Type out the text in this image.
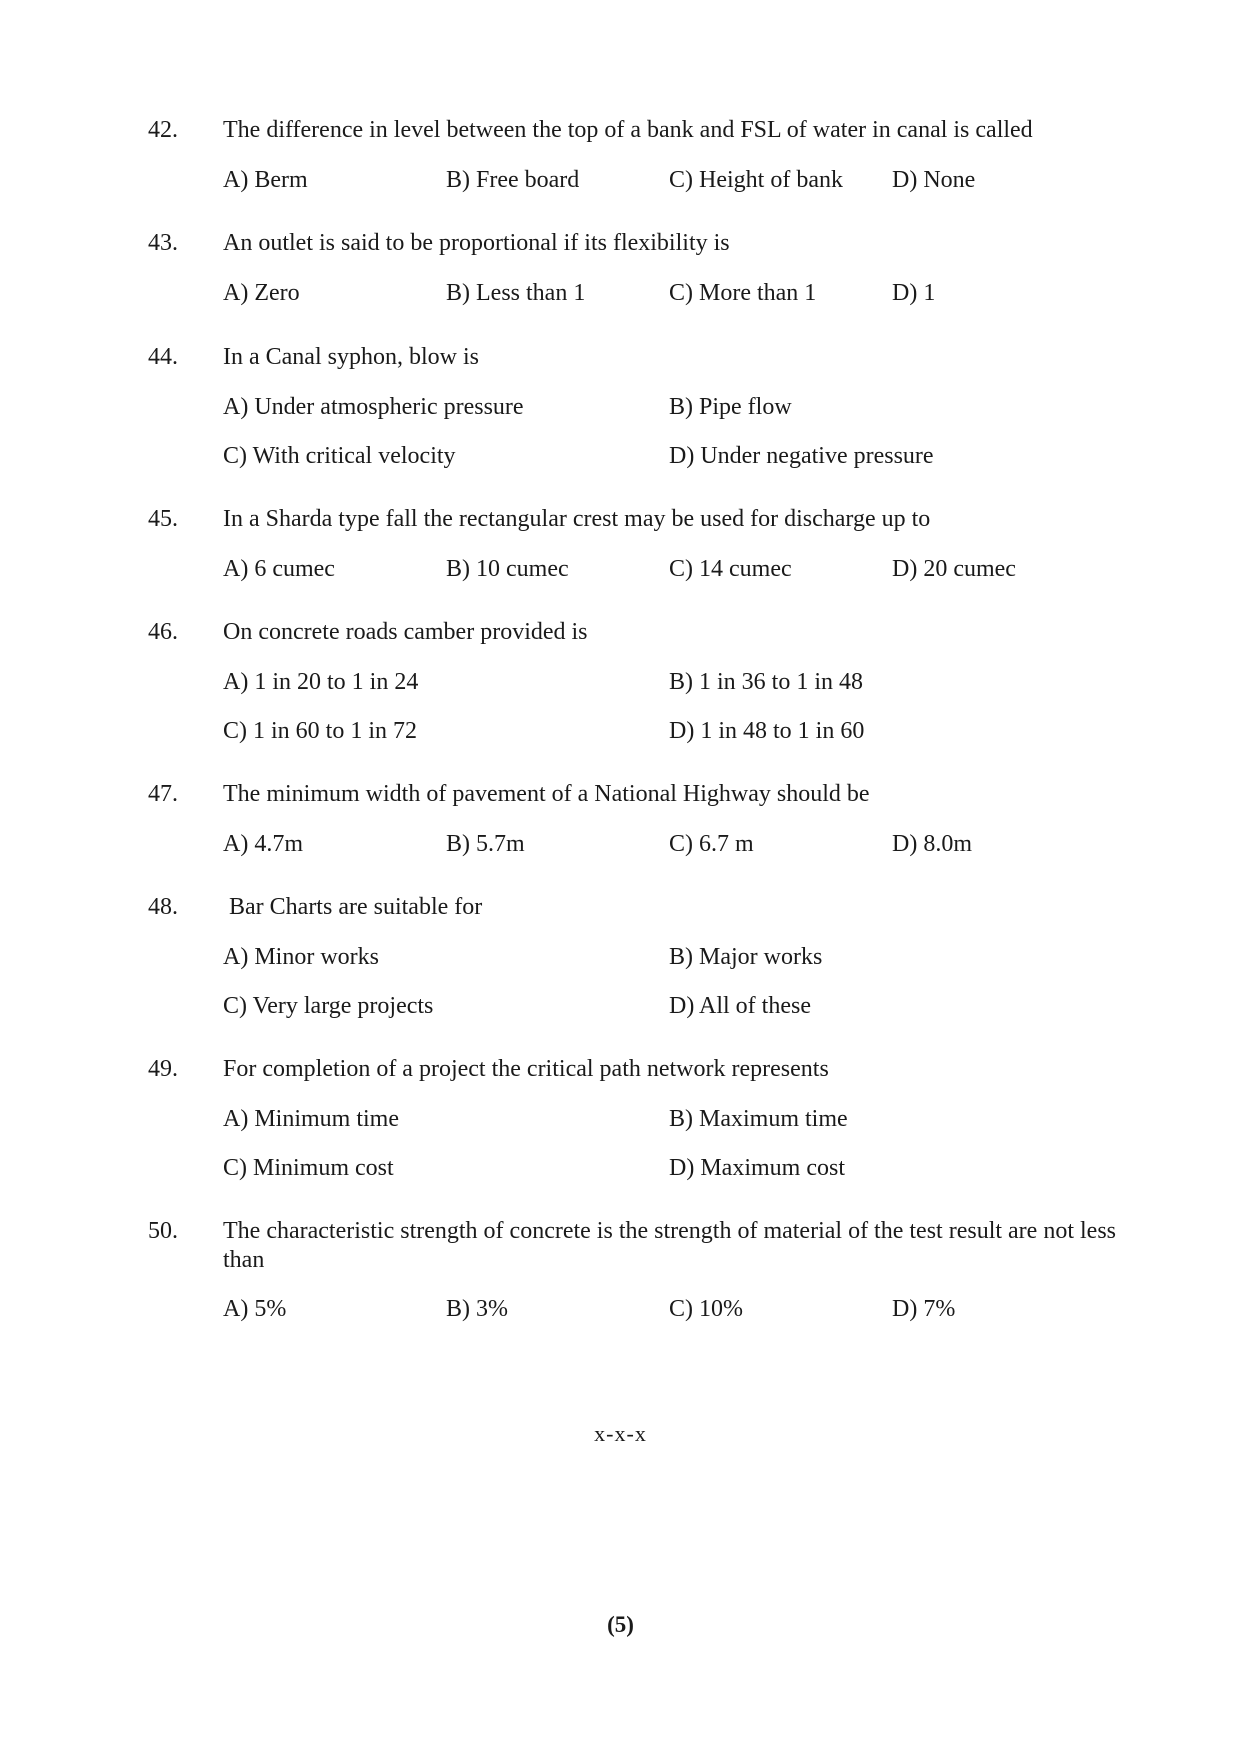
42. The difference in level between the top of a bank and FSL of water in canal is called
A) Berm	B) Free board	C) Height of bank D) None
43. An outlet is said to be proportional if its flexibility is
A) Zero	B) Less than 1	C) More than 1	D) 1
44. In a Canal syphon, blow is
A) Under atmospheric pressure	B) Pipe flow
C) With critical velocity	D) Under negative pressure
45. In a Sharda type fall the rectangular crest may be used for discharge up to
A) 6 cumec	B) 10 cumec	C) 14 cumec	D) 20 cumec
46. On concrete roads camber provided is
A) 1 in 20 to 1 in 24	B) 1 in 36 to 1 in 48
C) 1 in 60 to 1 in 72	D) 1 in 48 to 1 in 60
47. The minimum width of pavement of a National Highway should be
A) 4.7m	B) 5.7m	C) 6.7 m	D) 8.0m
48. Bar Charts are suitable for
A) Minor works	B) Major works
C) Very large projects	D) All of these
49. For completion of a project the critical path network represents
A) Minimum time	B) Maximum time
C) Minimum cost	D) Maximum cost
50. The characteristic strength of concrete is the strength of material of the test result are not less than
A) 5%	B) 3%	C) 10%	D) 7%
x-x-x
(5)
